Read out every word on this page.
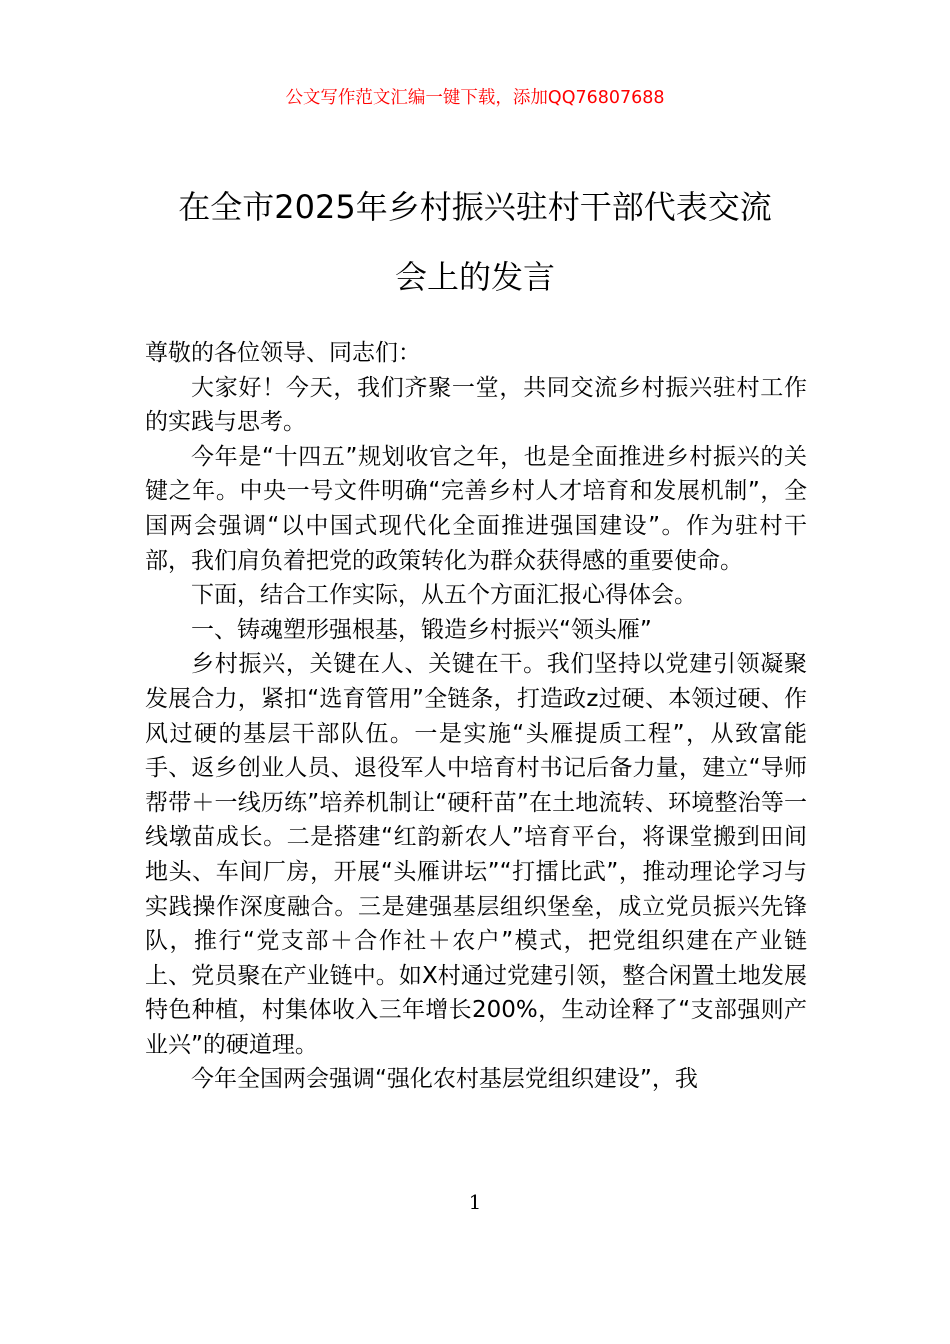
公文写作范文汇编一键下载，添加QQ76807688
在全市2025年乡村振兴驻村干部代表交流
会上的发言

尊敬的各位领导、同志们：

大家好！今天，我们齐聚一堂，共同交流乡村振兴驻村工作的实践与思考。

今年是“十四五”规划收官之年，也是全面推进乡村振兴的关键之年。中央一号文件明确“完善乡村人才培育和发展机制”，全国两会强调“以中国式现代化全面推进强国建设”。作为驻村干部，我们肩负着把党的政策转化为群众获得感的重要使命。

下面，结合工作实际，从五个方面汇报心得体会。

一、铸魂塑形强根基，锻造乡村振兴“领头雁”

乡村振兴，关键在人、关键在干。我们坚持以党建引领凝聚发展合力，紧扣“选育管用”全链条，打造政z过硬、本领过硬、作风过硬的基层干部队伍。一是实施“头雁提质工程”，从致富能手、返乡创业人员、退役军人中培育村书记后备力量，建立“导师帮带＋一线历练”培养机制让“硬秆苗”在土地流转、环境整治等一线墩苗成长。二是搭建“红韵新农人”培育平台，将课堂搬到田间地头、车间厂房，开展“头雁讲坛”“打擂比武”，推动理论学习与实践操作深度融合。三是建强基层组织堡垒，成立党员振兴先锋队，推行“党支部＋合作社＋农户”模式，把党组织建在产业链上、党员聚在产业链中。如X村通过党建引领，整合闲置土地发展特色种植，村集体收入三年增长200%，生动诠释了“支部强则产业兴”的硬道理。

今年全国两会强调“强化农村基层党组织建设”，我

1
